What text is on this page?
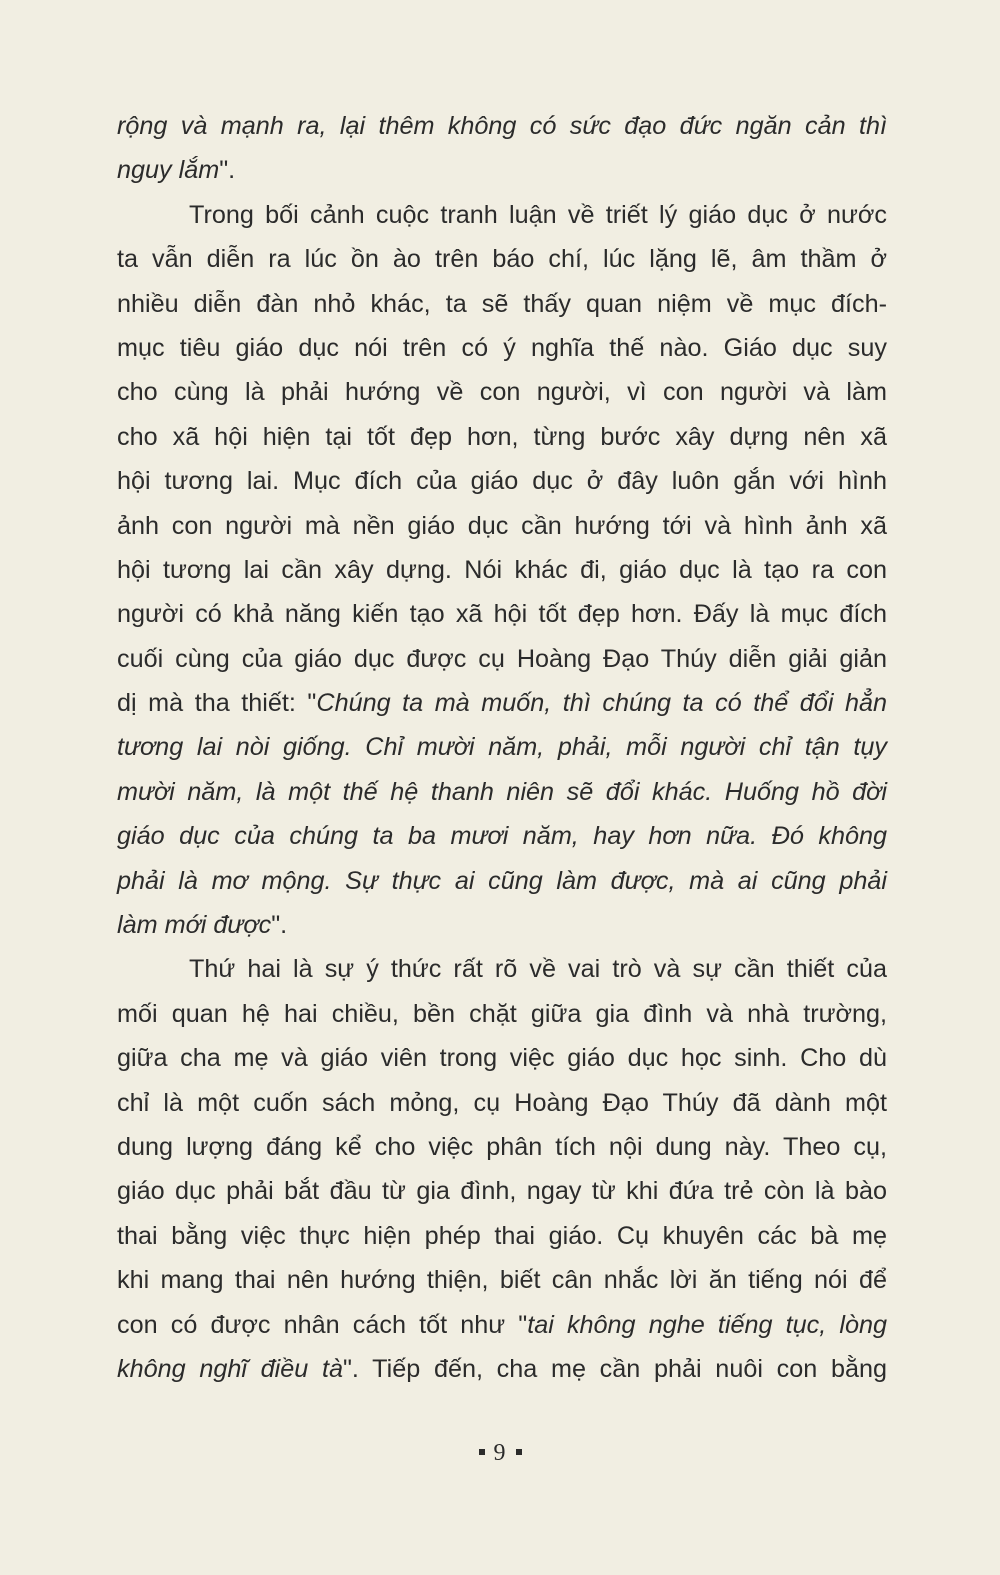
rộng và mạnh ra, lại thêm không có sức đạo đức ngăn cản thì
nguy lắm".
Trong bối cảnh cuộc tranh luận về triết lý giáo dục ở nước
ta vẫn diễn ra lúc ồn ào trên báo chí, lúc lặng lẽ, âm thầm ở
nhiều diễn đàn nhỏ khác, ta sẽ thấy quan niệm về mục đích-
mục tiêu giáo dục nói trên có ý nghĩa thế nào. Giáo dục suy
cho cùng là phải hướng về con người, vì con người và làm
cho xã hội hiện tại tốt đẹp hơn, từng bước xây dựng nên xã
hội tương lai. Mục đích của giáo dục ở đây luôn gắn với hình
ảnh con người mà nền giáo dục cần hướng tới và hình ảnh xã
hội tương lai cần xây dựng. Nói khác đi, giáo dục là tạo ra con
người có khả năng kiến tạo xã hội tốt đẹp hơn. Đấy là mục đích
cuối cùng của giáo dục được cụ Hoàng Đạo Thúy diễn giải giản
dị mà tha thiết: "Chúng ta mà muốn, thì chúng ta có thể đổi hẳn
tương lai nòi giống. Chỉ mười năm, phải, mỗi người chỉ tận tụy
mười năm, là một thế hệ thanh niên sẽ đổi khác. Huống hồ đời
giáo dục của chúng ta ba mươi năm, hay hơn nữa. Đó không
phải là mơ mộng. Sự thực ai cũng làm được, mà ai cũng phải
làm mới được".
Thứ hai là sự ý thức rất rõ về vai trò và sự cần thiết của
mối quan hệ hai chiều, bền chặt giữa gia đình và nhà trường,
giữa cha mẹ và giáo viên trong việc giáo dục học sinh. Cho dù
chỉ là một cuốn sách mỏng, cụ Hoàng Đạo Thúy đã dành một
dung lượng đáng kể cho việc phân tích nội dung này. Theo cụ,
giáo dục phải bắt đầu từ gia đình, ngay từ khi đứa trẻ còn là bào
thai bằng việc thực hiện phép thai giáo. Cụ khuyên các bà mẹ
khi mang thai nên hướng thiện, biết cân nhắc lời ăn tiếng nói để
con có được nhân cách tốt như "tai không nghe tiếng tục, lòng
không nghĩ điều tà". Tiếp đến, cha mẹ cần phải nuôi con bằng
9
